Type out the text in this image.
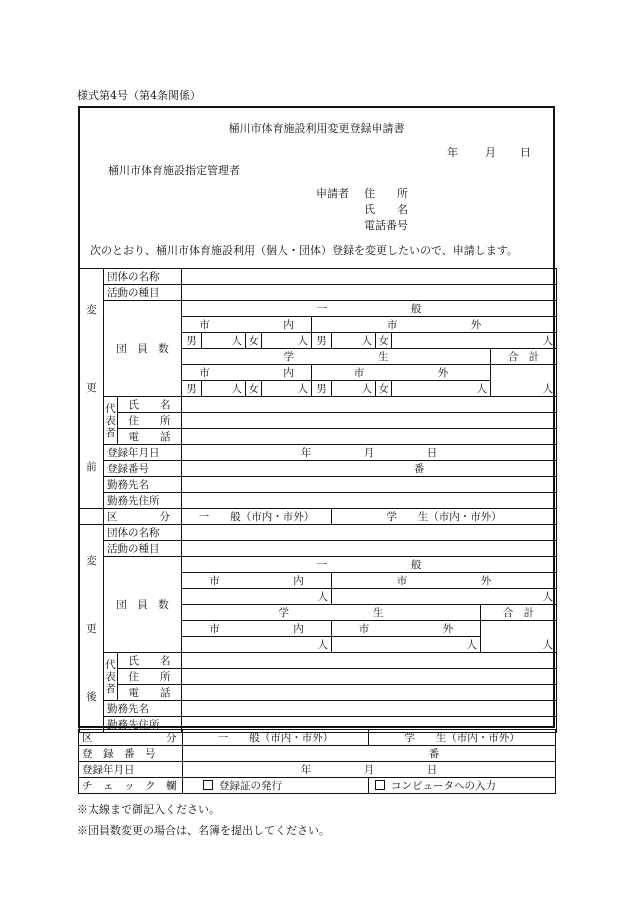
様式第4号（第4条関係）
桶川市体育施設利用変更登録申請書
年 月 日
桶川市体育施設指定管理者
申請者 住　　所
氏　　名
電話番号
次のとおり、桶川市体育施設利用（個人・団体）登録を変更したいので、申請します。
変
更
前	団体の名称										
	活動の種目										
	団　員　数		一　　　　　　　　般								
			市　　　　　　　内				市　　　　　　　外				
			男	人	女	人	男	人	女	人	
			学　　　　　　　　生								合　計
			市　　　　　　　内				市　　　　　　　外				人
			男	人	女	人	男	人	女	人	
	代表者	氏　　名									
		住　　所									
		電　　話									
	登録年月日		年　　　　　月　　　　　日								
	登録番号		番								
	勤務先名										
	勤務先住所										
	区　　　　分		一　　般（市内・市外）					学　　生（市内・市外）			
変
更
後	団体の名称				
	活動の種目				
	団　員　数		一　　　　　　　　般		
			市　　　　　　　内	市　　　　　　　外	
			人	人	
			学　　　　　　　　生		合　計
			市　　　　　　　内	市　　　　　　　外	人
			人	人	
	代表者	氏　　名			
		住　　所			
		電　　話			
	勤務先名				
	勤務先住所				
区　　　　　　　分	一　　般（市内・市外）	学　　生（市内・市外）
登　録　番　号	番	
登録年月日	年　　　　　月　　　　　日	
チ　ェ　ッ　ク　欄	登録証の発行	コンピュータへの入力
※太線まで御記入ください。
※団員数変更の場合は、名簿を提出してください。
